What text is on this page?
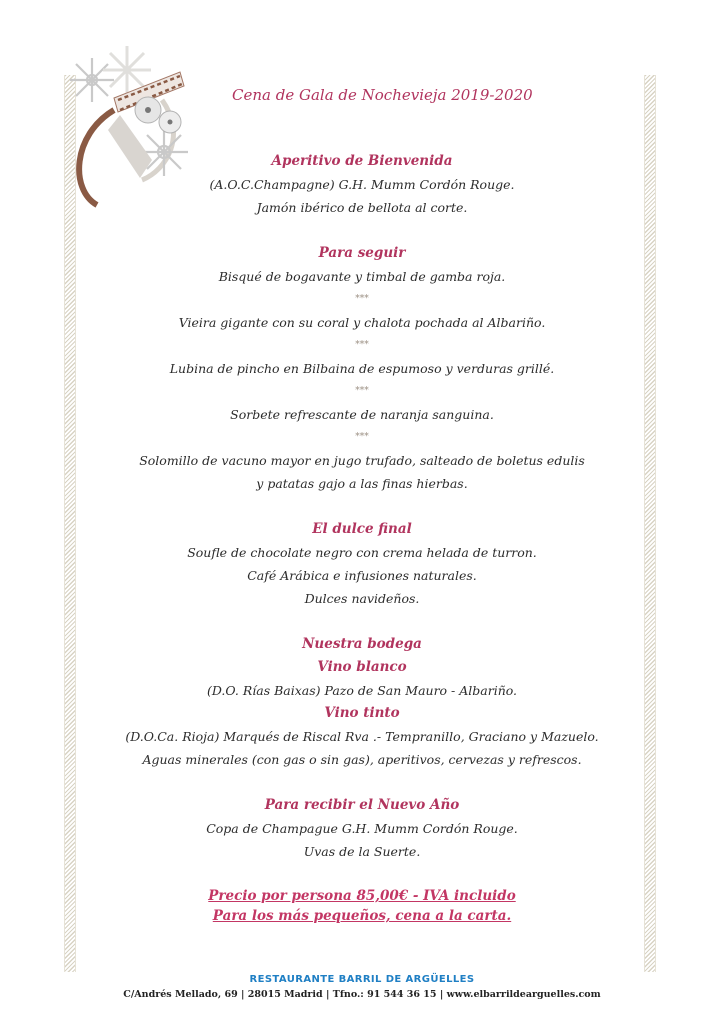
Cena de Gala de Nochevieja 2019-2020
Aperitivo de Bienvenida
(A.O.C.Champagne) G.H. Mumm Cordón Rouge.
Jamón ibérico de bellota al corte.
Para seguir
Bisqué de bogavante y timbal de gamba roja.
***
Vieira gigante con su coral y chalota pochada al Albariño.
***
Lubina de pincho en Bilbaina de espumoso y verduras grillé.
***
Sorbete refrescante de naranja sanguina.
***
Solomillo de vacuno mayor en jugo trufado, salteado de boletus edulis
y patatas gajo a las finas hierbas.
El dulce final
Soufle de chocolate negro con crema helada de turron.
Café Arábica e infusiones naturales.
Dulces navideños.
Nuestra bodega
Vino blanco
(D.O. Rías Baixas) Pazo de San Mauro - Albariño.
Vino tinto
(D.O.Ca. Rioja) Marqués de Riscal Rva .- Tempranillo, Graciano y Mazuelo.
Aguas minerales (con gas o sin gas), aperitivos, cervezas y refrescos.
Para recibir el Nuevo Año
Copa de Champague G.H. Mumm Cordón Rouge.
Uvas de la Suerte.
Precio por persona 85,00€ - IVA incluido
Para los más pequeños, cena a la carta.
RESTAURANTE BARRIL DE ARGÜELLES
C/Andrés Mellado, 69 | 28015 Madrid | Tfno.: 91 544 36 15 | www.elbarrildearguelles.com
